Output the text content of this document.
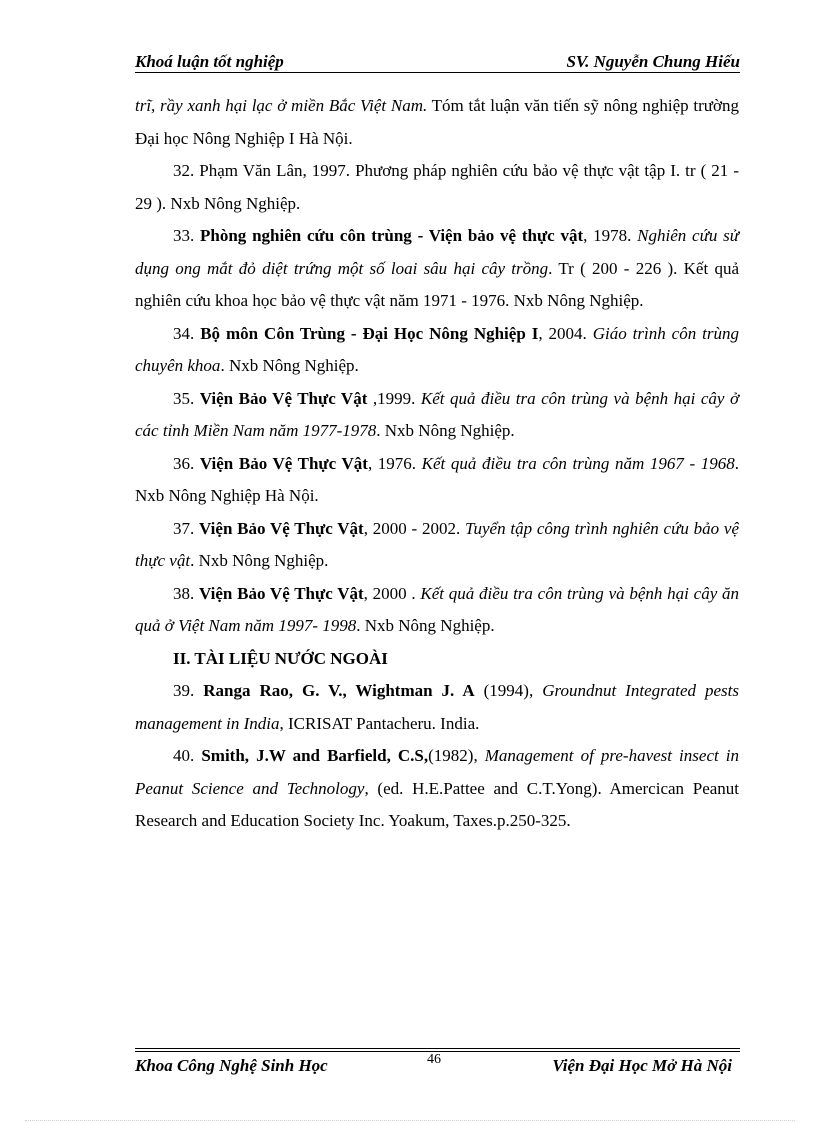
Khoá luận tốt nghiệp	SV. Nguyễn Chung Hiếu

trĩ, rầy xanh hại lạc ở miền Bắc Việt Nam. Tóm tắt luận văn tiến sỹ nông nghiệp trường Đại học Nông Nghiệp I Hà Nội.

32. Phạm Văn Lân, 1997. Phương pháp nghiên cứu bảo vệ thực vật tập I. tr ( 21 - 29 ). Nxb Nông Nghiệp.

33. Phòng nghiên cứu côn trùng - Viện bảo vệ thực vật, 1978. Nghiên cứu sử dụng ong mắt đỏ diệt trứng một số loai sâu hại cây trồng. Tr ( 200 - 226 ). Kết quả nghiên cứu khoa học bảo vệ thực vật năm 1971 - 1976. Nxb Nông Nghiệp.

34. Bộ môn Côn Trùng - Đại Học Nông Nghiệp I, 2004. Giáo trình côn trùng chuyên khoa. Nxb Nông Nghiệp.

35. Viện Bảo Vệ Thực Vật ,1999. Kết quả điều tra côn trùng và bệnh hại cây ở các tỉnh Miền Nam năm 1977-1978. Nxb Nông Nghiệp.

36. Viện Bảo Vệ Thực Vật, 1976. Kết quả điều tra côn trùng năm 1967 - 1968. Nxb Nông Nghiệp Hà Nội.

37. Viện Bảo Vệ Thực Vật, 2000 - 2002. Tuyển tập công trình nghiên cứu bảo vệ thực vật. Nxb Nông Nghiệp.

38. Viện Bảo Vệ Thực Vật, 2000 . Kết quả điều tra côn trùng và bệnh hại cây ăn quả ở Việt Nam năm 1997- 1998. Nxb Nông Nghiệp.

II. TÀI LIỆU NƯỚC NGOÀI

39. Ranga Rao, G. V., Wightman J. A (1994), Groundnut Integrated pests management in India, ICRISAT Pantacheru. India.

40. Smith, J.W and Barfield, C.S,(1982), Management of pre-havest insect in Peanut Science and Technology, (ed. H.E.Pattee and C.T.Yong). Amercican Peanut Research and Education Society Inc. Yoakum, Taxes.p.250-325.

Khoa Công Nghệ Sinh Học	46	Viện Đại Học Mở Hà Nội
